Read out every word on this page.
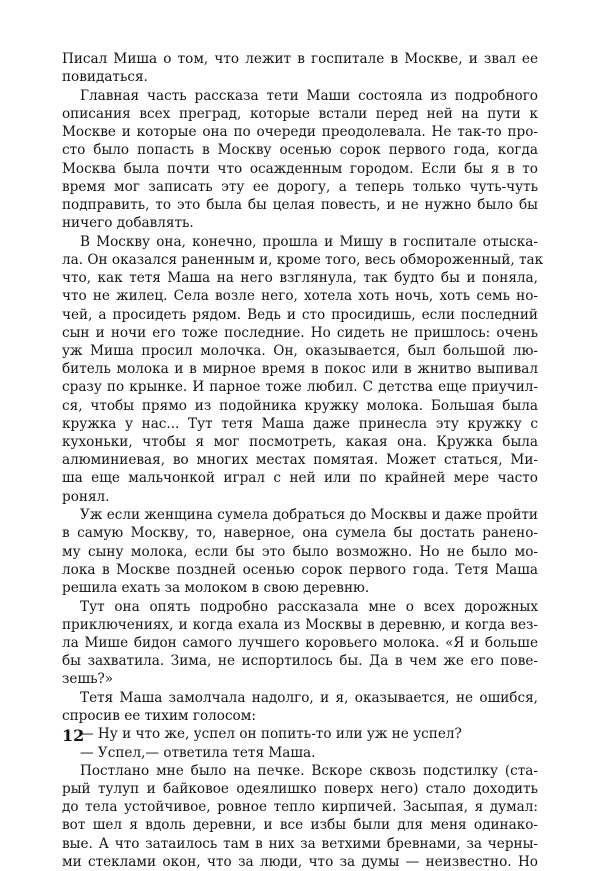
Писал Миша о том, что лежит в госпитале в Москве, и звал ее
повидаться.
Главная часть рассказа тети Маши состояла из подробного
описания всех преград, которые встали перед ней на пути к
Москве и которые она по очереди преодолевала. Не так-то про-
сто было попасть в Москву осенью сорок первого года, когда
Москва была почти что осажденным городом. Если бы я в то
время мог записать эту ее дорогу, а теперь только чуть-чуть
подправить, то это была бы целая повесть, и не нужно было бы
ничего добавлять.
В Москву она, конечно, прошла и Мишу в госпитале отыска-
ла. Он оказался раненным и, кроме того, весь обмороженный, так
что, как тетя Маша на него взглянула, так будто бы и поняла,
что не жилец. Села возле него, хотела хоть ночь, хоть семь но-
чей, а просидеть рядом. Ведь и сто просидишь, если последний
сын и ночи его тоже последние. Но сидеть не пришлось: очень
уж Миша просил молочка. Он, оказывается, был большой лю-
битель молока и в мирное время в покос или в жнитво выпивал
сразу по крынке. И парное тоже любил. С детства еще приучил-
ся, чтобы прямо из подойника кружку молока. Большая была
кружка у нас... Тут тетя Маша даже принесла эту кружку с
кухоньки, чтобы я мог посмотреть, какая она. Кружка была
алюминиевая, во многих местах помятая. Может статься, Ми-
ша еще мальчонкой играл с ней или по крайней мере часто
ронял.
Уж если женщина сумела добраться до Москвы и даже пройти
в самую Москву, то, наверное, она сумела бы достать ранено-
му сыну молока, если бы это было возможно. Но не было мо-
лока в Москве поздней осенью сорок первого года. Тетя Маша
решила ехать за молоком в свою деревню.
Тут она опять подробно рассказала мне о всех дорожных
приключениях, и когда ехала из Москвы в деревню, и когда вез-
ла Мише бидон самого лучшего коровьего молока. «Я и больше
бы захватила. Зима, не испортилось бы. Да в чем же его повe-
зешь?»
Тетя Маша замолчала надолго, и я, оказывается, не ошибся,
спросив ее тихим голосом:
— Ну и что же, успел он попить-то или уж не успел?
— Успел,— ответила тетя Маша.
Постлано мне было на печке. Вскоре сквозь подстилку (ста-
рый тулуп и байковое одеялишко поверх него) стало доходить
до тела устойчивое, ровное тепло кирпичей. Засыпая, я думал:
вот шел я вдоль деревни, и все избы были для меня одинако-
вые. А что затаилось там в них за ветхими бревнами, за черны-
ми стеклами окон, что за люди, что за думы — неизвестно. Но
12
